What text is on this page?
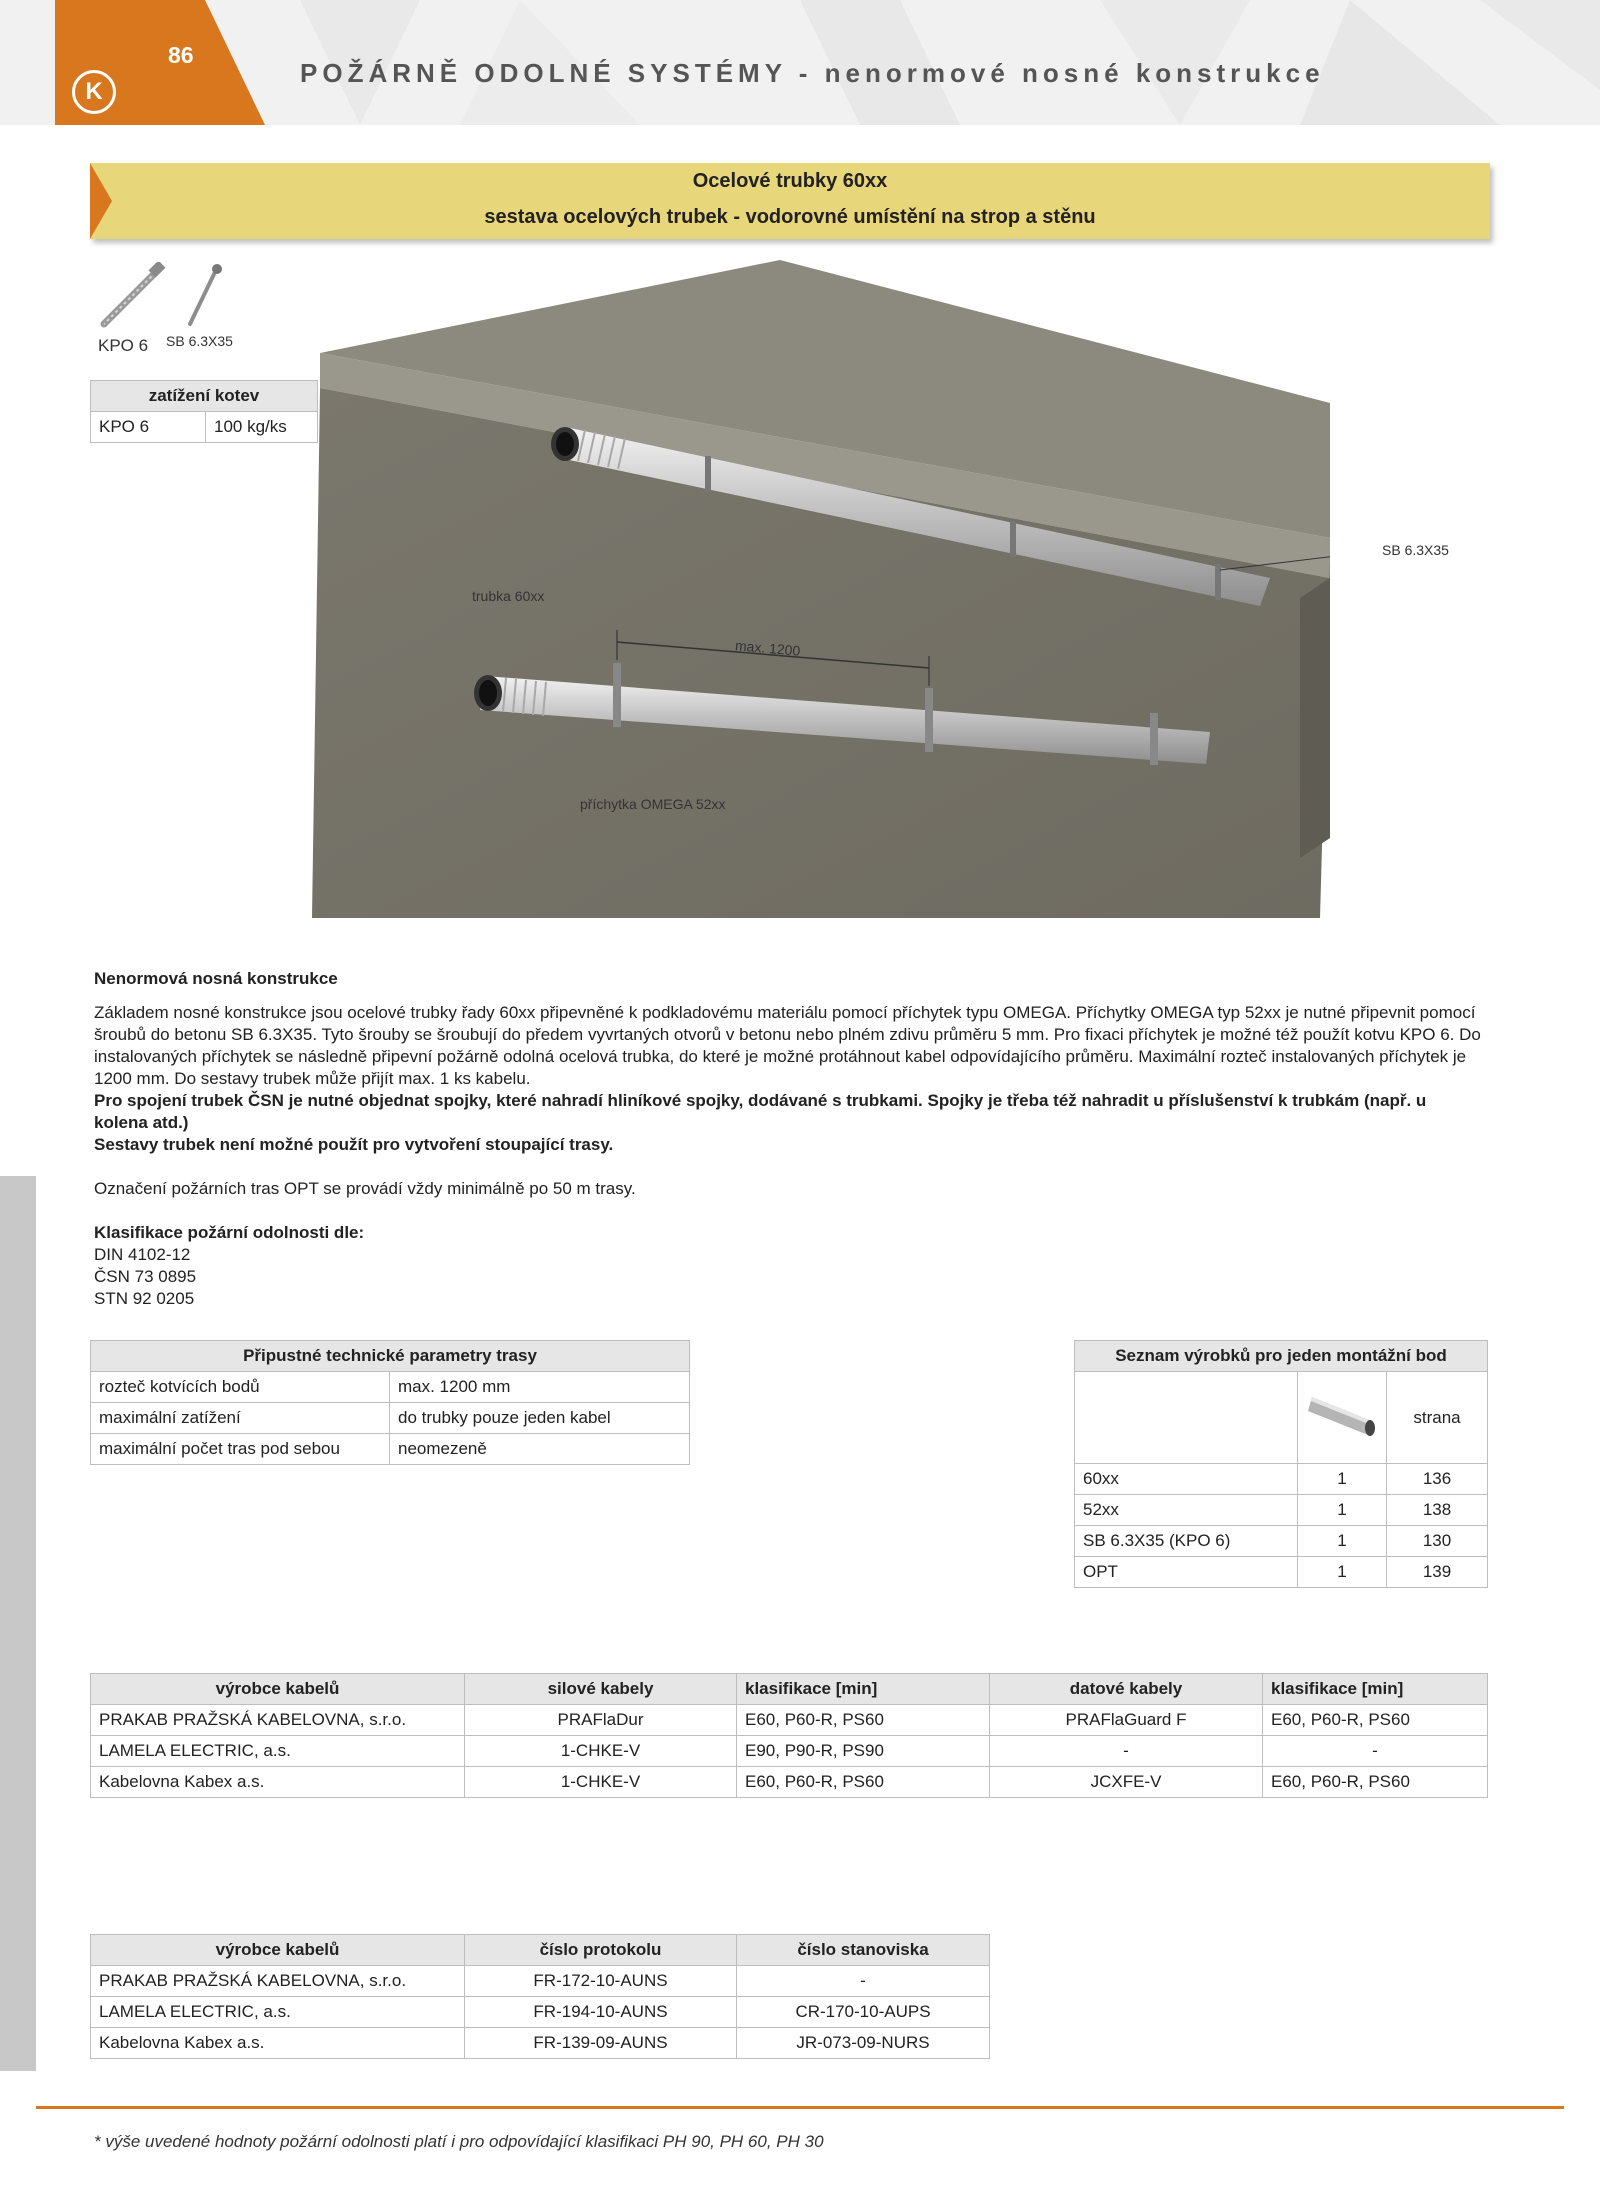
86
K
POŽÁRNĚ ODOLNÉ SYSTÉMY - nenormové nosné konstrukce
Ocelové trubky 60xx
sestava ocelových trubek - vodorovné umístění na strop a stěnu
KPO 6 SB 6.3X35
zatížení kotev
KPO 6	100 kg/ks
SB 6.3X35
trubka 60xx
max. 1200
příchytka OMEGA 52xx

Nenormová nosná konstrukce

Základem nosné konstrukce jsou ocelové trubky řady 60xx připevněné k podkladovému materiálu pomocí příchytek typu OMEGA. Příchytky OMEGA typ 52xx je nutné připevnit pomocí šroubů do betonu SB 6.3X35. Tyto šrouby se šroubují do předem vyvrtaných otvorů v betonu nebo plném zdivu průměru 5 mm. Pro fixaci příchytek je možné též použít kotvu KPO 6. Do instalovaných příchytek se následně připevní požárně odolná ocelová trubka, do které je možné protáhnout kabel odpovídajícího průměru. Maximální rozteč instalovaných příchytek je 1200 mm. Do sestavy trubek může přijít max. 1 ks kabelu.

Pro spojení trubek ČSN je nutné objednat spojky, které nahradí hliníkové spojky, dodávané s trubkami. Spojky je třeba též nahradit u příslušenství k trubkám (např. u kolena atd.)

Sestavy trubek není možné použít pro vytvoření stoupající trasy.

Označení požárních tras OPT se provádí vždy minimálně po 50 m trasy.

Klasifikace požární odolnosti dle:

DIN 4102-12

ČSN 73 0895

STN 92 0205

Připustné technické parametry trasy	
rozteč kotvících bodů	max. 1200 mm
maximální zatížení	do trubky pouze jeden kabel
maximální počet tras pod sebou	neomezeně
Seznam výrobků pro jeden montážní bod		
		strana
60xx	1	136
52xx	1	138
SB 6.3X35 (KPO 6)	1	130
OPT	1	139
výrobce kabelů	silové kabely	klasifikace [min]	datové kabely	klasifikace [min]
PRAKAB PRAŽSKÁ KABELOVNA, s.r.o.	PRAFlaDur	E60, P60-R, PS60	PRAFlaGuard F	E60, P60-R, PS60
LAMELA ELECTRIC, a.s.	1-CHKE-V	E90, P90-R, PS90	-	-
Kabelovna Kabex a.s.	1-CHKE-V	E60, P60-R, PS60	JCXFE-V	E60, P60-R, PS60
výrobce kabelů	číslo protokolu	číslo stanoviska
PRAKAB PRAŽSKÁ KABELOVNA, s.r.o.	FR-172-10-AUNS	-
LAMELA ELECTRIC, a.s.	FR-194-10-AUNS	CR-170-10-AUPS
Kabelovna Kabex a.s.	FR-139-09-AUNS	JR-073-09-NURS
* výše uvedené hodnoty požární odolnosti platí i pro odpovídající klasifikaci PH 90, PH 60, PH 30
